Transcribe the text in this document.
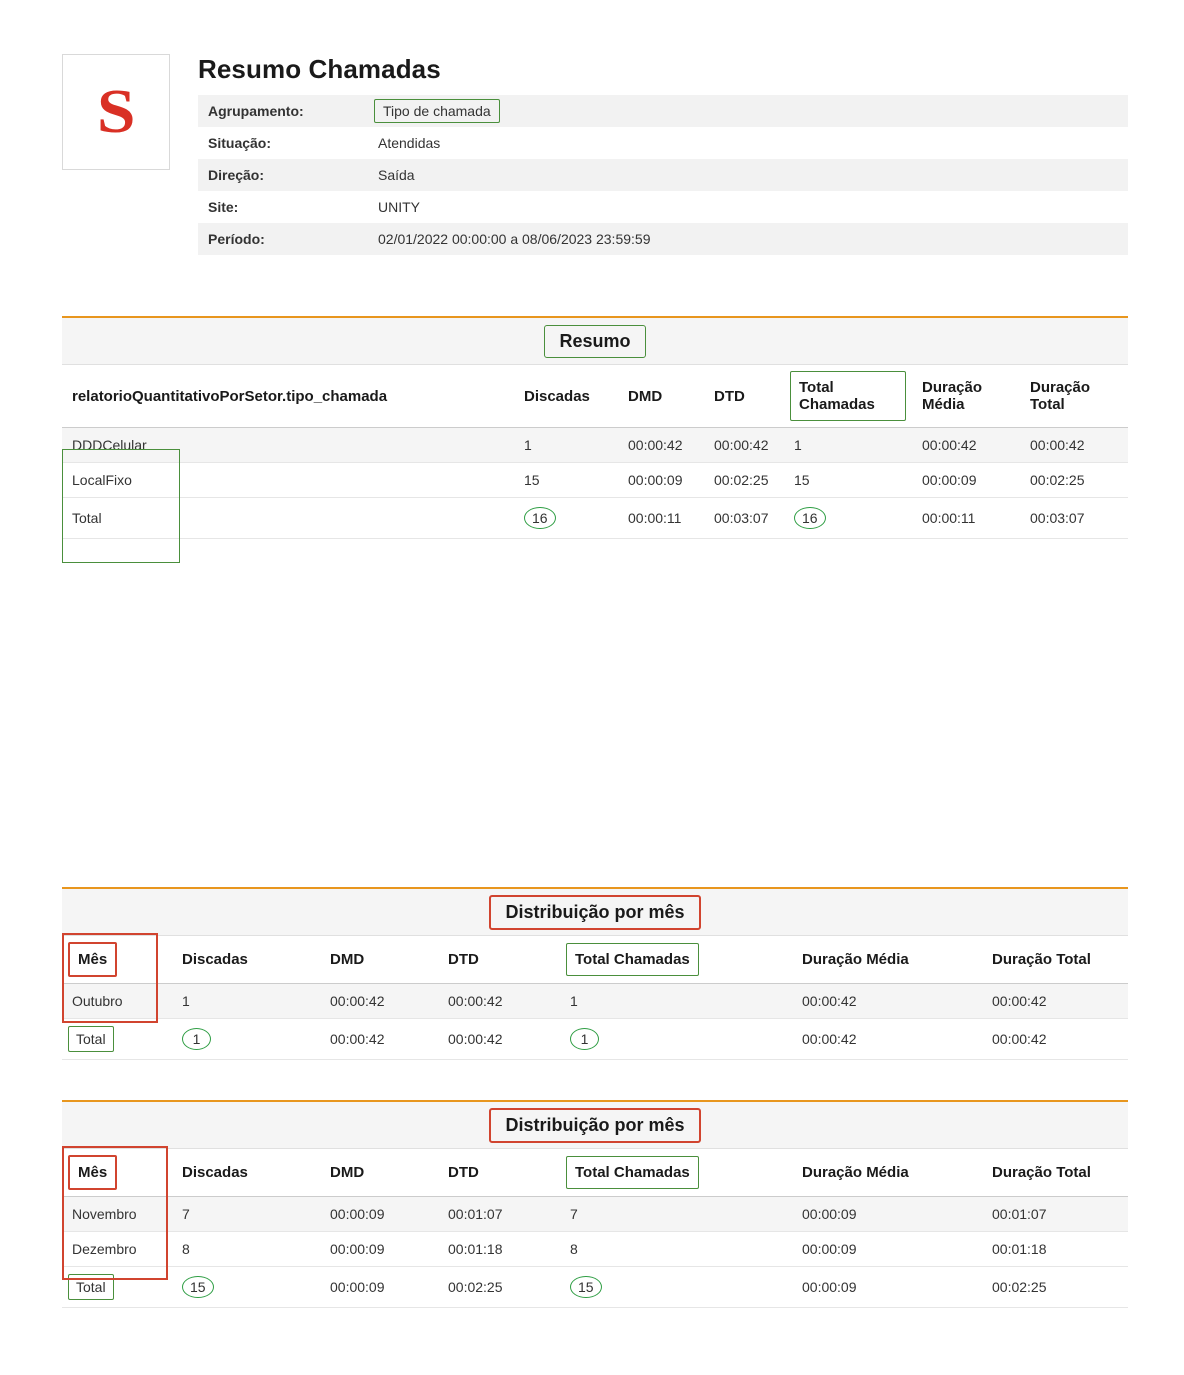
S
Resumo Chamadas
Agrupamento:	Tipo de chamada
Situação:	Atendidas
Direção:	Saída
Site:	UNITY
Período:	02/01/2022 00:00:00 a 08/06/2023 23:59:59
Resumo
relatorioQuantitativoPorSetor.tipo_chamada	Discadas	DMD	DTD	Total Chamadas	Duração Média	Duração Total
DDDCelular	1	00:00:42	00:00:42	1	00:00:42	00:00:42
LocalFixo	15	00:00:09	00:02:25	15	00:00:09	00:02:25
Total	16	00:00:11	00:03:07	16	00:00:11	00:03:07
Distribuição por mês
Mês	Discadas	DMD	DTD	Total Chamadas	Duração Média	Duração Total
Outubro	1	00:00:42	00:00:42	1	00:00:42	00:00:42
Total	1	00:00:42	00:00:42	1	00:00:42	00:00:42
Distribuição por mês
Mês	Discadas	DMD	DTD	Total Chamadas	Duração Média	Duração Total
Novembro	7	00:00:09	00:01:07	7	00:00:09	00:01:07
Dezembro	8	00:00:09	00:01:18	8	00:00:09	00:01:18
Total	15	00:00:09	00:02:25	15	00:00:09	00:02:25
